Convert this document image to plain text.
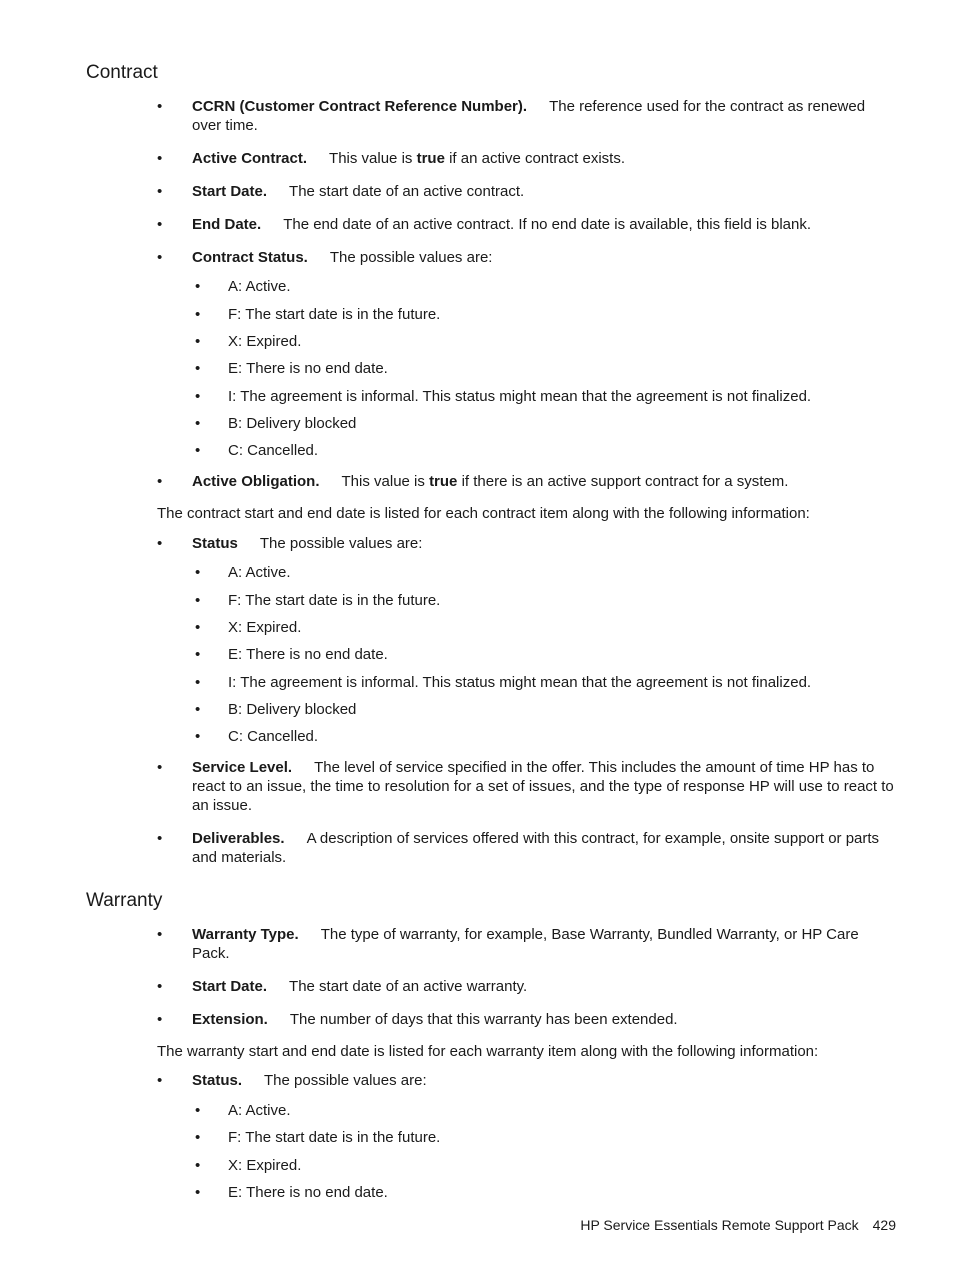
Contract
• CCRN (Customer Contract Reference Number). The reference used for the contract as renewed over time.
• Active Contract. This value is true if an active contract exists.
• Start Date. The start date of an active contract.
• End Date. The end date of an active contract. If no end date is available, this field is blank.
• Contract Status. The possible values are:
• A: Active.
• F: The start date is in the future.
• X: Expired.
• E: There is no end date.
• I: The agreement is informal. This status might mean that the agreement is not finalized.
• B: Delivery blocked
• C: Cancelled.
• Active Obligation. This value is true if there is an active support contract for a system.
The contract start and end date is listed for each contract item along with the following information:
• Status The possible values are:
• A: Active.
• F: The start date is in the future.
• X: Expired.
• E: There is no end date.
• I: The agreement is informal. This status might mean that the agreement is not finalized.
• B: Delivery blocked
• C: Cancelled.
• Service Level. The level of service specified in the offer. This includes the amount of time HP has to react to an issue, the time to resolution for a set of issues, and the type of response HP will use to react to an issue.
• Deliverables. A description of services offered with this contract, for example, onsite support or parts and materials.
Warranty
• Warranty Type. The type of warranty, for example, Base Warranty, Bundled Warranty, or HP Care Pack.
• Start Date. The start date of an active warranty.
• Extension. The number of days that this warranty has been extended.
The warranty start and end date is listed for each warranty item along with the following information:
• Status. The possible values are:
• A: Active.
• F: The start date is in the future.
• X: Expired.
• E: There is no end date.
HP Service Essentials Remote Support Pack 429
